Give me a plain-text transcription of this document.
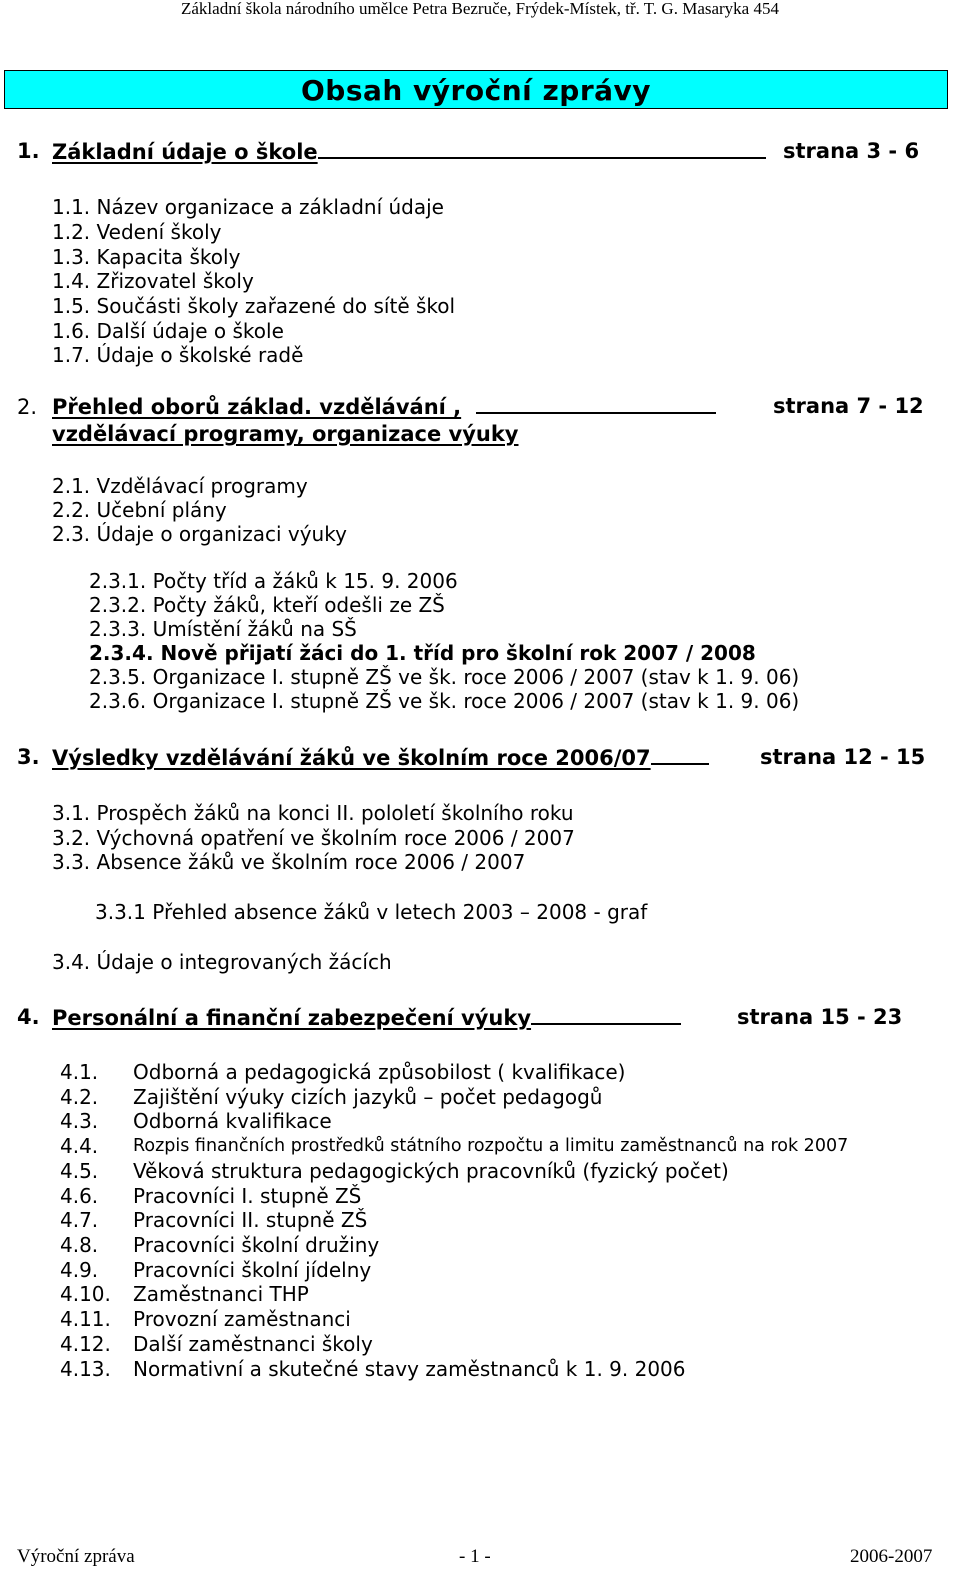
Základní škola národního umělce Petra Bezruče, Frýdek-Místek, tř. T. G. Masaryka 454
Obsah výroční zprávy
1. Základní údaje o škole	strana 3 - 6
1.1. Název organizace a základní údaje
1.2. Vedení školy
1.3. Kapacita školy
1.4. Zřizovatel školy
1.5. Součásti školy zařazené do sítě škol
1.6. Další údaje o škole
1.7. Údaje o školské radě
2. Přehled oborů základ. vzdělávání ,	strana 7 - 12
vzdělávací programy, organizace výuky
2.1. Vzdělávací programy
2.2. Učební plány
2.3. Údaje o organizaci výuky
2.3.1. Počty tříd a žáků k 15. 9. 2006
2.3.2. Počty žáků, kteří odešli ze ZŠ
2.3.3. Umístění žáků na SŠ
2.3.4. Nově přijatí žáci do 1. tříd pro školní rok 2007 / 2008
2.3.5. Organizace I. stupně ZŠ ve šk. roce 2006 / 2007 (stav k 1. 9. 06)
2.3.6. Organizace I. stupně ZŠ ve šk. roce 2006 / 2007 (stav k 1. 9. 06)
3. Výsledky vzdělávání žáků ve školním roce 2006/07	strana 12 - 15
3.1. Prospěch žáků na konci II. pololetí školního roku
3.2. Výchovná opatření ve školním roce 2006 / 2007
3.3. Absence žáků ve školním roce 2006 / 2007
3.3.1 Přehled absence žáků v letech 2003 – 2008 - graf
3.4. Údaje o integrovaných žácích
4. Personální a finanční zabezpečení výuky	strana 15 - 23
4.1. Odborná a pedagogická způsobilost ( kvalifikace)
4.2. Zajištění výuky cizích jazyků – počet pedagogů
4.3. Odborná kvalifikace
4.4. Rozpis finančních prostředků státního rozpočtu a limitu zaměstnanců na rok 2007
4.5. Věková struktura pedagogických pracovníků (fyzický počet)
4.6. Pracovníci I. stupně ZŠ
4.7. Pracovníci II. stupně ZŠ
4.8. Pracovníci školní družiny
4.9. Pracovníci školní jídelny
4.10. Zaměstnanci THP
4.11. Provozní zaměstnanci
4.12. Další zaměstnanci školy
4.13. Normativní a skutečné stavy zaměstnanců k 1. 9. 2006
Výroční zpráva	- 1 -	2006-2007
